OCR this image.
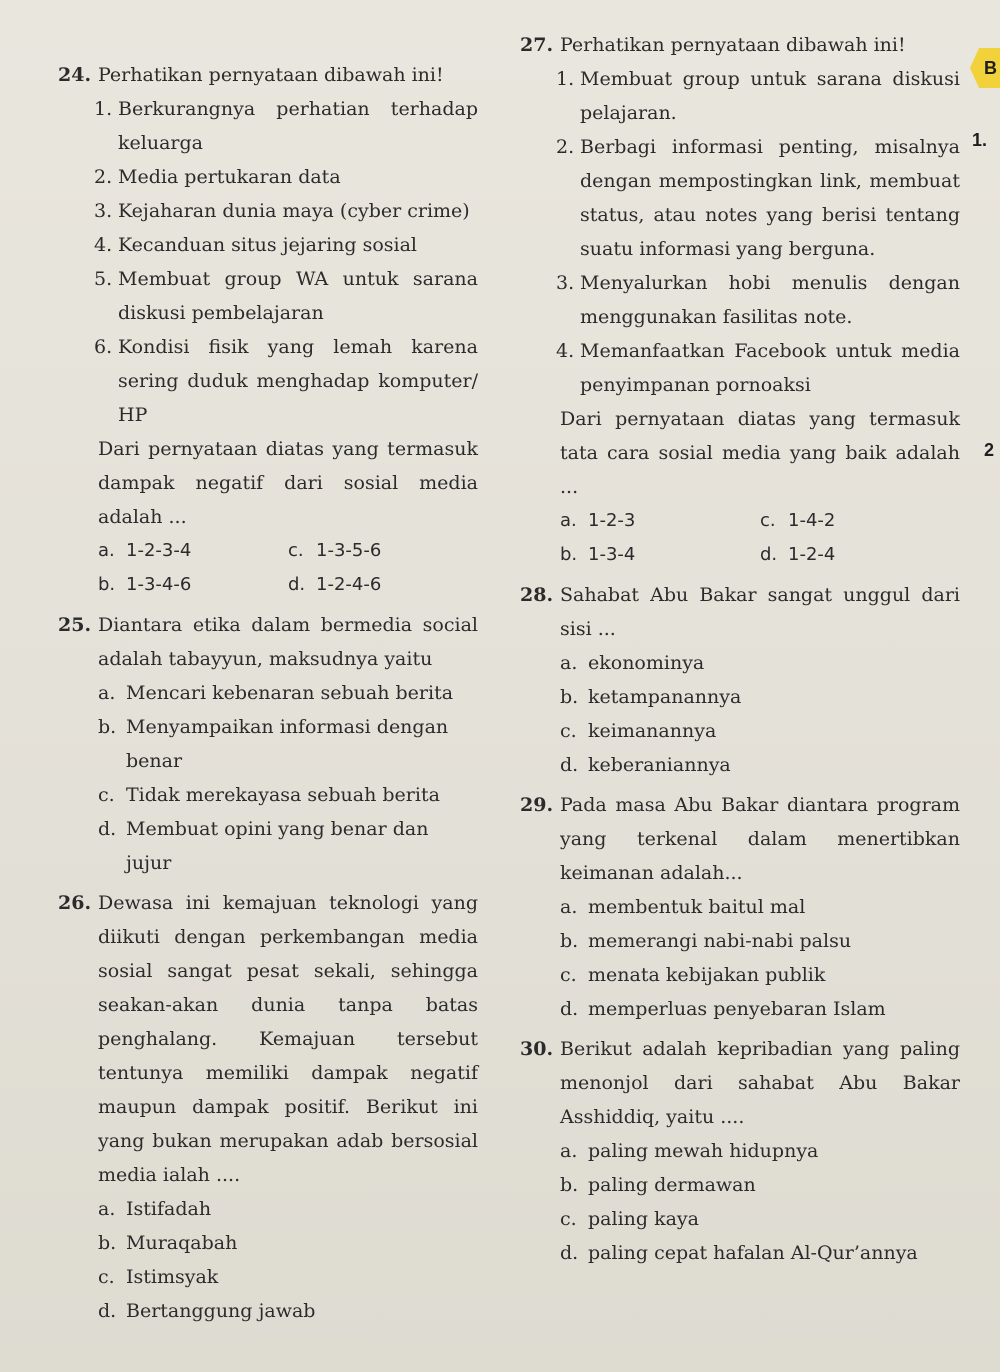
24. Perhatikan pernyataan dibawah ini!
1. Berkurangnya perhatian terhadap keluarga
2. Media pertukaran data
3. Kejaharan dunia maya (cyber crime)
4. Kecanduan situs jejaring sosial
5. Membuat group WA untuk sarana diskusi pembelajaran
6. Kondisi fisik yang lemah karena sering duduk menghadap komputer/ HP
Dari pernyataan diatas yang termasuk dampak negatif dari sosial media adalah ...
a. 1-2-3-4	c. 1-3-5-6
b. 1-3-4-6	d. 1-2-4-6
25. Diantara etika dalam bermedia social adalah tabayyun, maksudnya yaitu
a. Mencari kebenaran sebuah berita
b. Menyampaikan informasi dengan benar
c. Tidak merekayasa sebuah berita
d. Membuat opini yang benar dan jujur
26. Dewasa ini kemajuan teknologi yang diikuti dengan perkembangan media sosial sangat pesat sekali, sehingga seakan-akan dunia tanpa batas penghalang. Kemajuan tersebut tentunya memiliki dampak negatif maupun dampak positif. Berikut ini yang bukan merupakan adab bersosial media ialah ....
a. Istifadah
b. Muraqabah
c. Istimsyak
d. Bertanggung jawab
27. Perhatikan pernyataan dibawah ini!
1. Membuat group untuk sarana diskusi pelajaran.
2. Berbagi informasi penting, misalnya dengan mempostingkan link, membuat status, atau notes yang berisi tentang suatu informasi yang berguna.
3. Menyalurkan hobi menulis dengan menggunakan fasilitas note.
4. Memanfaatkan Facebook untuk media penyimpanan pornoaksi
Dari pernyataan diatas yang termasuk tata cara sosial media yang baik adalah ...
a. 1-2-3	c. 1-4-2
b. 1-3-4	d. 1-2-4
28. Sahabat Abu Bakar sangat unggul dari sisi ...
a. ekonominya
b. ketampanannya
c. keimanannya
d. keberaniannya
29. Pada masa Abu Bakar diantara program yang terkenal dalam menertibkan keimanan adalah...
a. membentuk baitul mal
b. memerangi nabi-nabi palsu
c. menata kebijakan publik
d. memperluas penyebaran Islam
30. Berikut adalah kepribadian yang paling menonjol dari sahabat Abu Bakar Asshiddiq, yaitu ....
a. paling mewah hidupnya
b. paling dermawan
c. paling kaya
d. paling cepat hafalan Al-Qur’annya
B
1.
2
